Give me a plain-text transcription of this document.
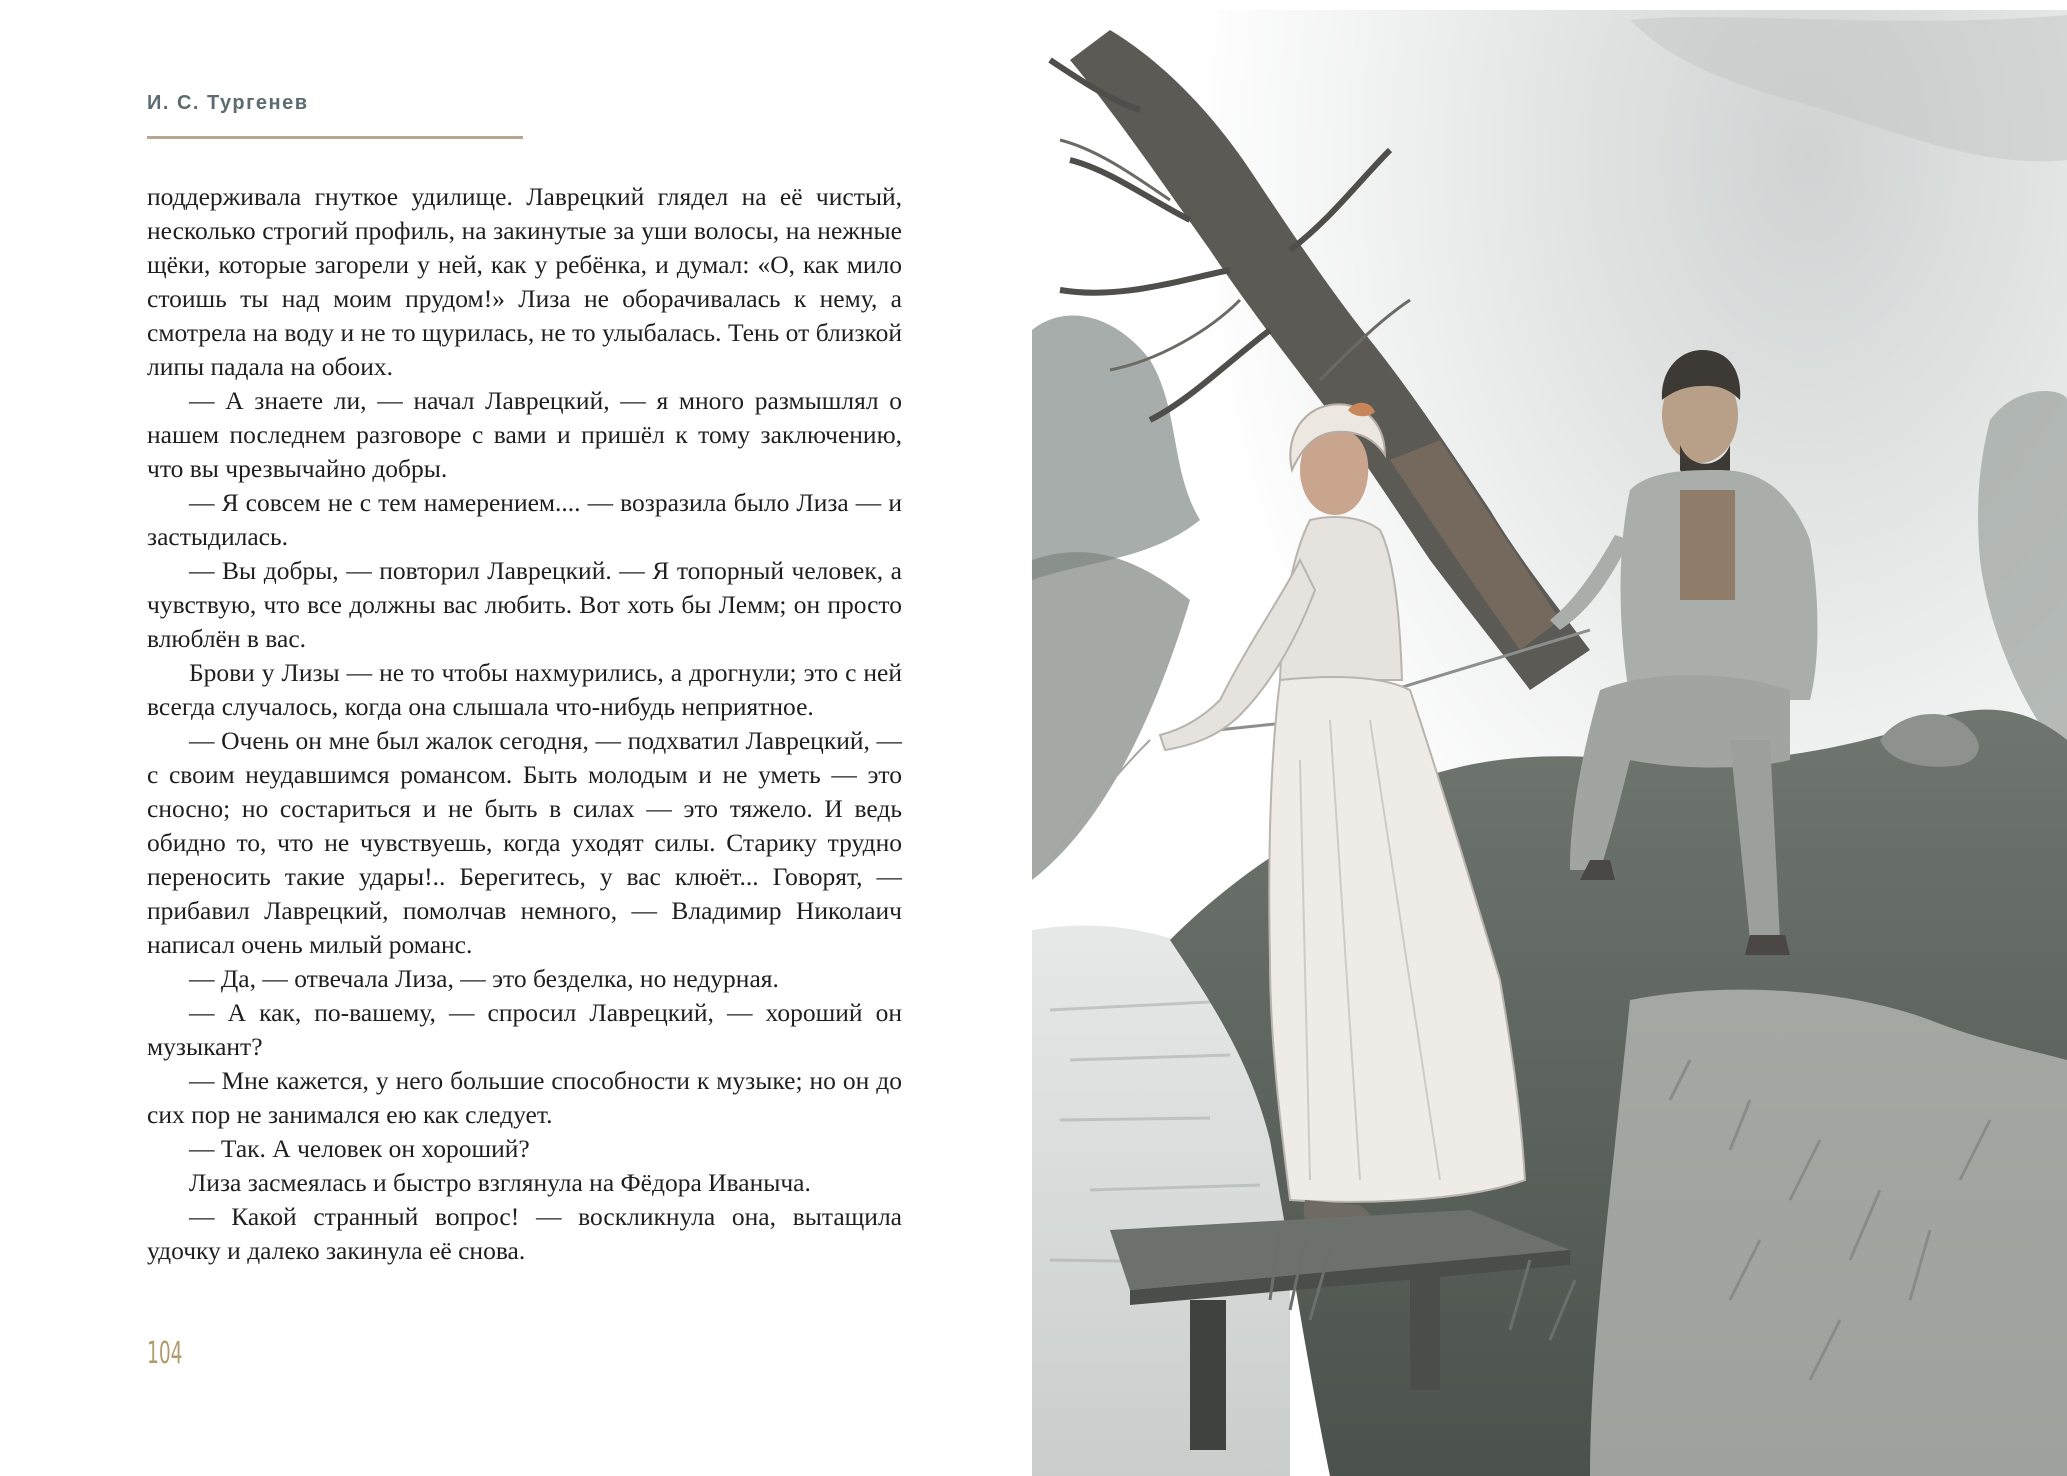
И. С. Тургенев

поддерживала гнуткое удилище. Лаврецкий глядел на её чистый, несколько строгий профиль, на закинутые за уши волосы, на нежные щёки, которые загорели у ней, как у ребёнка, и думал: «О, как мило стоишь ты над моим прудом!» Лиза не оборачивалась к нему, а смотрела на воду и не то щурилась, не то улыбалась. Тень от близкой липы падала на обоих.

— А знаете ли, — начал Лаврецкий, — я много размышлял о нашем последнем разговоре с вами и пришёл к тому заключению, что вы чрезвычайно добры.

— Я совсем не с тем намерением.... — возразила было Лиза — и застыдилась.

— Вы добры, — повторил Лаврецкий. — Я топорный человек, а чувствую, что все должны вас любить. Вот хоть бы Лемм; он просто влюблён в вас.

Брови у Лизы — не то чтобы нахмурились, а дрогнули; это с ней всегда случалось, когда она слышала что-нибудь неприятное.

— Очень он мне был жалок сегодня, — подхватил Лаврецкий, — с своим неудавшимся романсом. Быть молодым и не уметь — это сносно; но состариться и не быть в силах — это тяжело. И ведь обидно то, что не чувствуешь, когда уходят силы. Старику трудно переносить такие удары!.. Берегитесь, у вас клюёт... Говорят, — прибавил Лаврецкий, помолчав немного, — Владимир Николаич написал очень милый романс.

— Да, — отвечала Лиза, — это безделка, но недурная.

— А как, по-вашему, — спросил Лаврецкий, — хороший он музыкант?

— Мне кажется, у него большие способности к музыке; но он до сих пор не занимался ею как следует.

— Так. А человек он хороший?

Лиза засмеялась и быстро взглянула на Фёдора Иваныча.

— Какой странный вопрос! — воскликнула она, вытащила удочку и далеко закинула её снова.

104
